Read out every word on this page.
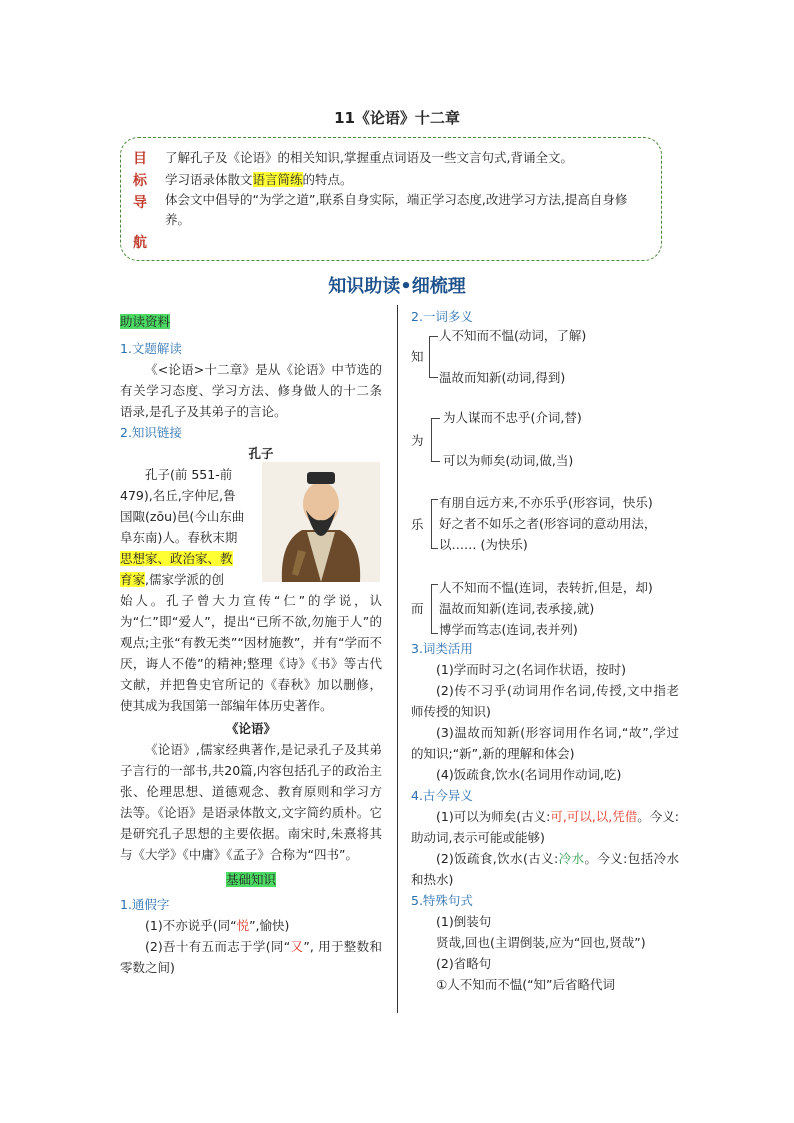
11《论语》十二章
目
标
导
航
了解孔子及《论语》的相关知识,掌握重点词语及一些文言句式,背诵全文。
学习语录体散文语言简练的特点。
体会文中倡导的“为学之道”,联系自身实际，端正学习态度,改进学习方法,提高自身修养。
知识助读•细梳理
助读资料
1.文题解读

《<论语>十二章》是从《论语》中节选的有关学习态度、学习方法、修身做人的十二条语录,是孔子及其弟子的言论。

2.知识链接
孔子
孔子(前 551-前
479),名丘,字仲尼,鲁
国陬(zōu)邑(今山东曲
阜东南)人。春秋末期
思想家、政治家、教
育家,儒家学派的创
始人。孔子曾大力宣传“仁”的学说，认为“仁”即“爱人”，提出“已所不欲,勿施于人”的观点;主张“有教无类”“因材施教”，并有“学而不厌，诲人不倦”的精神;整理《诗》《书》等古代文献，并把鲁史官所记的《春秋》加以删修，使其成为我国第一部编年体历史著作。
《论语》

《论语》,儒家经典著作,是记录孔子及其弟子言行的一部书,共20篇,内容包括孔子的政治主张、伦理思想、道德观念、教育原则和学习方法等。《论语》是语录体散文,文字简约质朴。它是研究孔子思想的主要依据。南宋时,朱熹将其与《大学》《中庸》《孟子》合称为“四书”。

基础知识
1.通假字
(1)不亦说乎(同“悦”,愉快)
(2)吾十有五而志于学(同“又”, 用于整数和零数之间)
2.一词多义
知
人不知而不愠(动词，了解)
温故而知新(动词,得到)
为
为人谋而不忠乎(介词,替)
可以为师矣(动词,做,当)
乐
有朋自远方来,不亦乐乎(形容词，快乐)
好之者不如乐之者(形容词的意动用法，
以…… (为快乐)
而
人不知而不愠(连词，表转折,但是，却)
温故而知新(连词,表承接,就)
博学而笃志(连词,表并列)
3.词类活用
(1)学而时习之(名词作状语，按时)
(2)传不习乎(动词用作名词,传授,文中指老师传授的知识)
(3)温故而知新(形容词用作名词,“故”,学过的知识;“新”,新的理解和体会)
(4)饭疏食,饮水(名词用作动词,吃)
4.古今异义
(1)可以为师矣(古义:可,可以,以,凭借。今义:助动词,表示可能或能够)
(2)饭疏食,饮水(古义:冷水。今义:包括冷水和热水)
5.特殊句式
(1)倒装句
贤哉,回也(主谓倒装,应为“回也,贤哉”)
(2)省略句
①人不知而不愠(“知”后省略代词
